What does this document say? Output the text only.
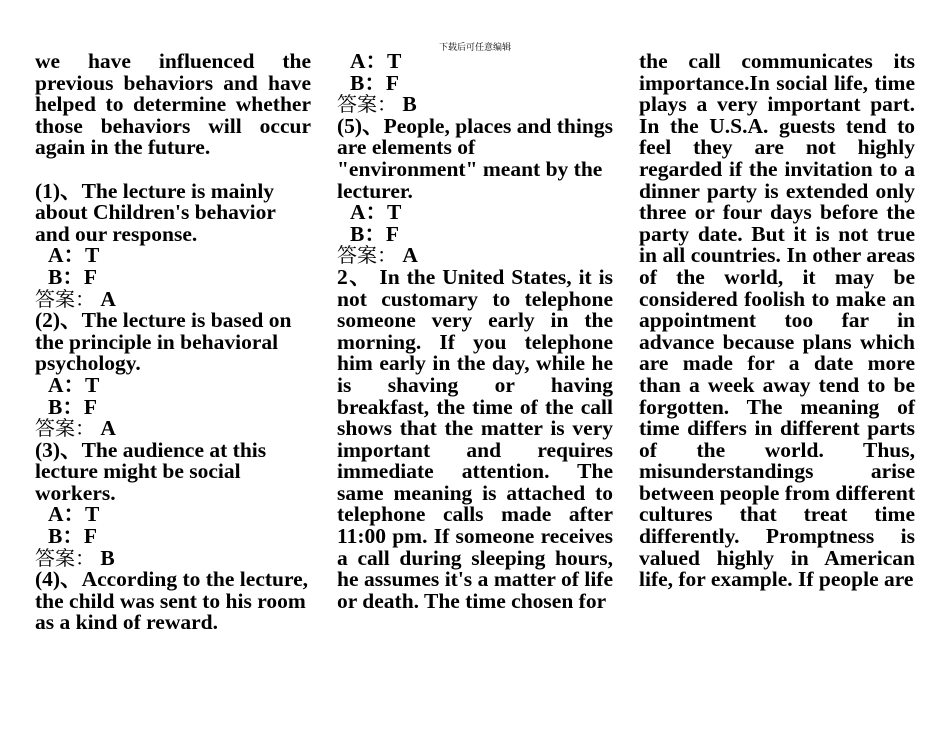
下载后可任意编辑

we have influenced the previous behaviors and have helped to determine whether those behaviors will occur again in the future.

(1)、The lecture is mainly about Children's behavior and our response.

A：T

B：F

答案： A

(2)、The lecture is based on the principle in behavioral psychology.

A：T

B：F

答案： A

(3)、The audience at this lecture might be social workers.

A：T

B：F

答案： B

(4)、According to the lecture, the child was sent to his room as a kind of reward.

A：T

B：F

答案： B

(5)、People, places and things are elements of "environment" meant by the lecturer.

A：T

B：F

答案： A

2、 In the United States, it is not customary to telephone someone very early in the morning. If you telephone him early in the day, while he is shaving or having breakfast, the time of the call shows that the matter is very important and requires immediate attention. The same meaning is attached to telephone calls made after 11:00 pm. If someone receives a call during sleeping hours, he assumes it's a matter of life or death. The time chosen for

the call communicates its importance.In social life, time plays a very important part. In the U.S.A. guests tend to feel they are not highly regarded if the invitation to a dinner party is extended only three or four days before the party date. But it is not true in all countries. In other areas of the world, it may be considered foolish to make an appointment too far in advance because plans which are made for a date more than a week away tend to be forgotten. The meaning of time differs in different parts of the world. Thus, misunderstandings arise between people from different cultures that treat time differently. Promptness is valued highly in American life, for example. If people are
